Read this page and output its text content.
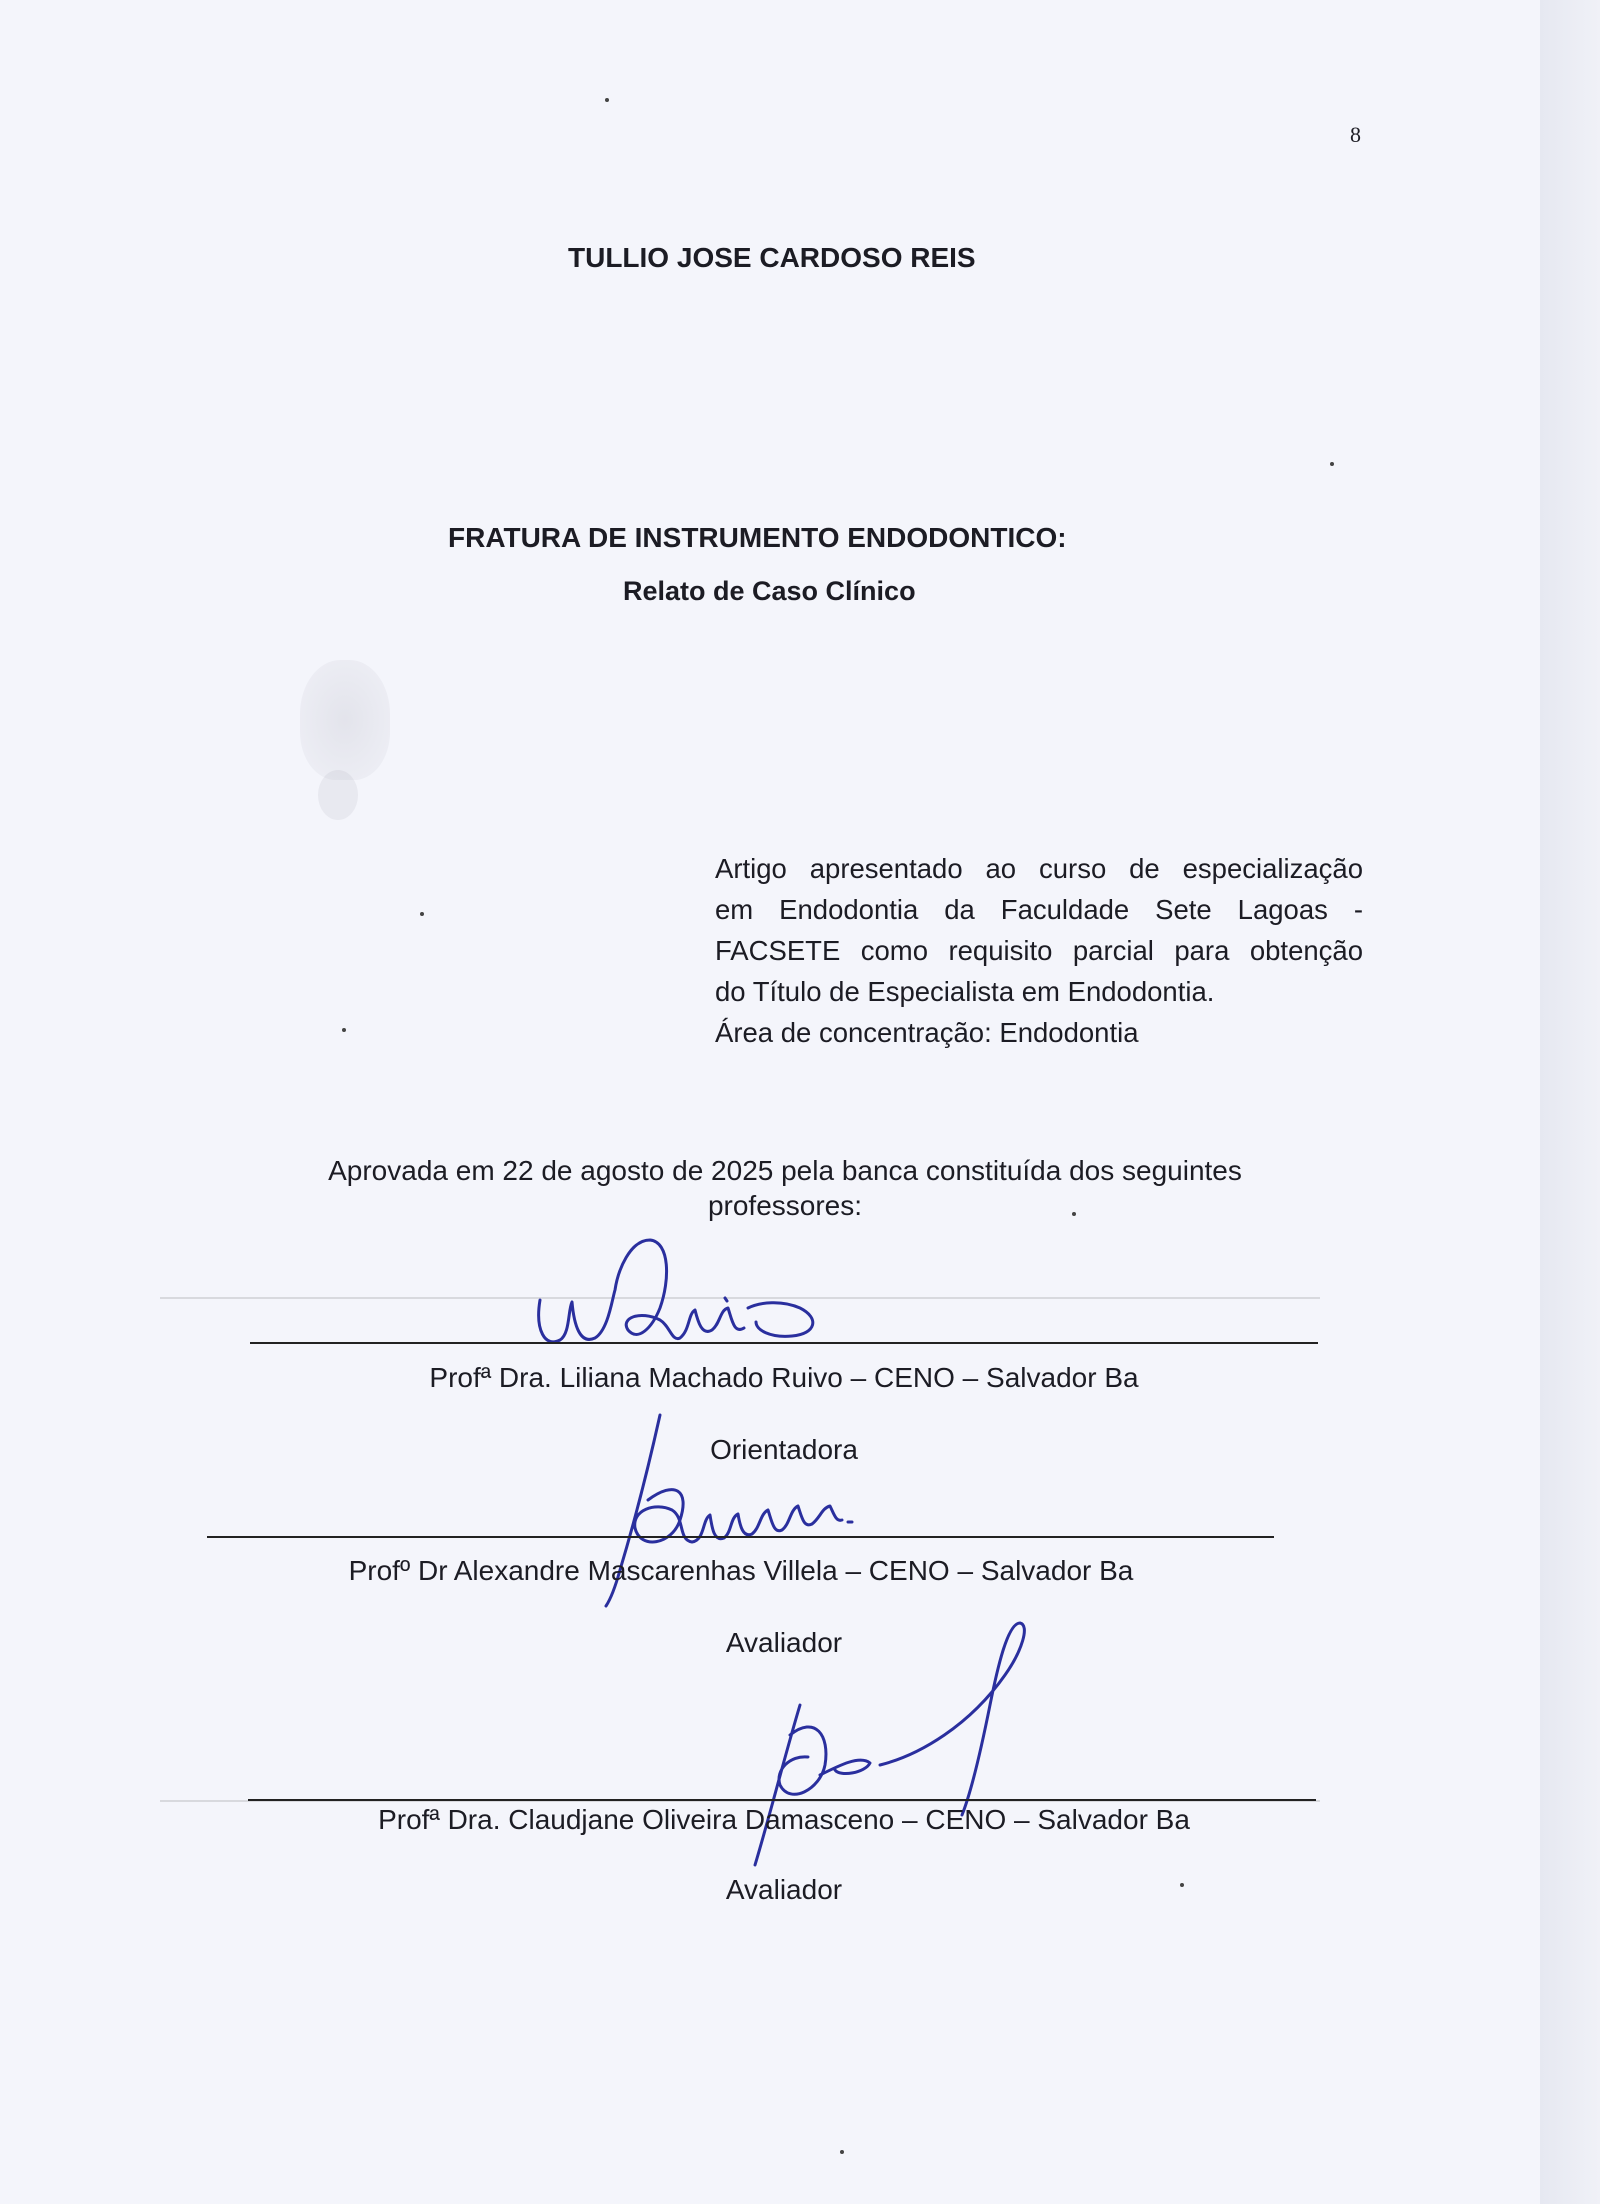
8
TULLIO JOSE CARDOSO REIS
FRATURA DE INSTRUMENTO ENDODONTICO:
Relato de Caso Clínico
Artigo apresentado ao curso de especialização
em Endodontia da Faculdade Sete Lagoas -
FACSETE como requisito parcial para obtenção
do Título de Especialista em Endodontia.
Área de concentração: Endodontia
Aprovada em 22 de agosto de 2025 pela banca constituída dos seguintes
professores:
Profª Dra. Liliana Machado Ruivo – CENO – Salvador Ba
Orientadora
Profº Dr Alexandre Mascarenhas Villela – CENO – Salvador Ba
Avaliador
Profª Dra. Claudjane Oliveira Damasceno – CENO – Salvador Ba
Avaliador
